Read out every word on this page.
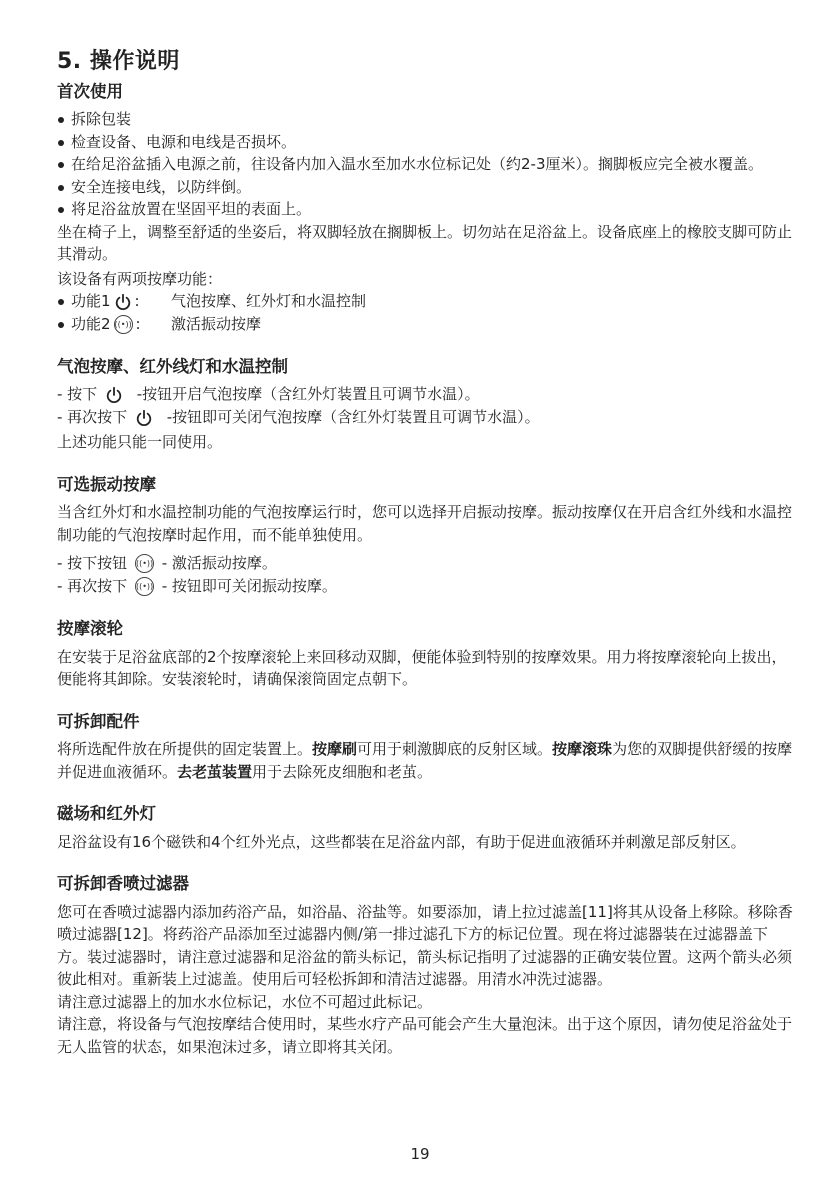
5. 操作说明
首次使用
拆除包装
检查设备、电源和电线是否损坏。
在给足浴盆插入电源之前，往设备内加入温水至加水水位标记处（约2-3厘米）。搁脚板应完全被水覆盖。
安全连接电线，以防绊倒。
将足浴盆放置在坚固平坦的表面上。

坐在椅子上，调整至舒适的坐姿后，将双脚轻放在搁脚板上。切勿站在足浴盆上。设备底座上的橡胶支脚可防止其滑动。

该设备有两项按摩功能：

功能1 : 气泡按摩、红外灯和水温控制
功能2 ((•)) : 激活振动按摩
气泡按摩、红外线灯和水温控制
- 按下	-按钮开启气泡按摩（含红外灯装置且可调节水温）。
- 再次按下	-按钮即可关闭气泡按摩（含红外灯装置且可调节水温）。

上述功能只能一同使用。

可选振动按摩

当含红外灯和水温控制功能的气泡按摩运行时，您可以选择开启振动按摩。振动按摩仅在开启含红外线和水温控制功能的气泡按摩时起作用，而不能单独使用。

- 按下按钮 ((•)) - 激活振动按摩。
- 再次按下 ((•)) - 按钮即可关闭振动按摩。
按摩滚轮

在安装于足浴盆底部的2个按摩滚轮上来回移动双脚，便能体验到特别的按摩效果。用力将按摩滚轮向上拔出，便能将其卸除。安装滚轮时，请确保滚筒固定点朝下。

可拆卸配件

将所选配件放在所提供的固定装置上。按摩刷可用于刺激脚底的反射区域。按摩滚珠为您的双脚提供舒缓的按摩并促进血液循环。去老茧装置用于去除死皮细胞和老茧。

磁场和红外灯

足浴盆设有16个磁铁和4个红外光点，这些都装在足浴盆内部，有助于促进血液循环并刺激足部反射区。

可拆卸香喷过滤器

您可在香喷过滤器内添加药浴产品，如浴晶、浴盐等。如要添加，请上拉过滤盖[11]将其从设备上移除。移除香喷过滤器[12]。将药浴产品添加至过滤器内侧/第一排过滤孔下方的标记位置。现在将过滤器装在过滤器盖下方。装过滤器时，请注意过滤器和足浴盆的箭头标记，箭头标记指明了过滤器的正确安装位置。这两个箭头必须彼此相对。重新装上过滤盖。使用后可轻松拆卸和清洁过滤器。用清水冲洗过滤器。

请注意过滤器上的加水水位标记，水位不可超过此标记。

请注意，将设备与气泡按摩结合使用时，某些水疗产品可能会产生大量泡沫。出于这个原因，请勿使足浴盆处于无人监管的状态，如果泡沫过多，请立即将其关闭。

19
